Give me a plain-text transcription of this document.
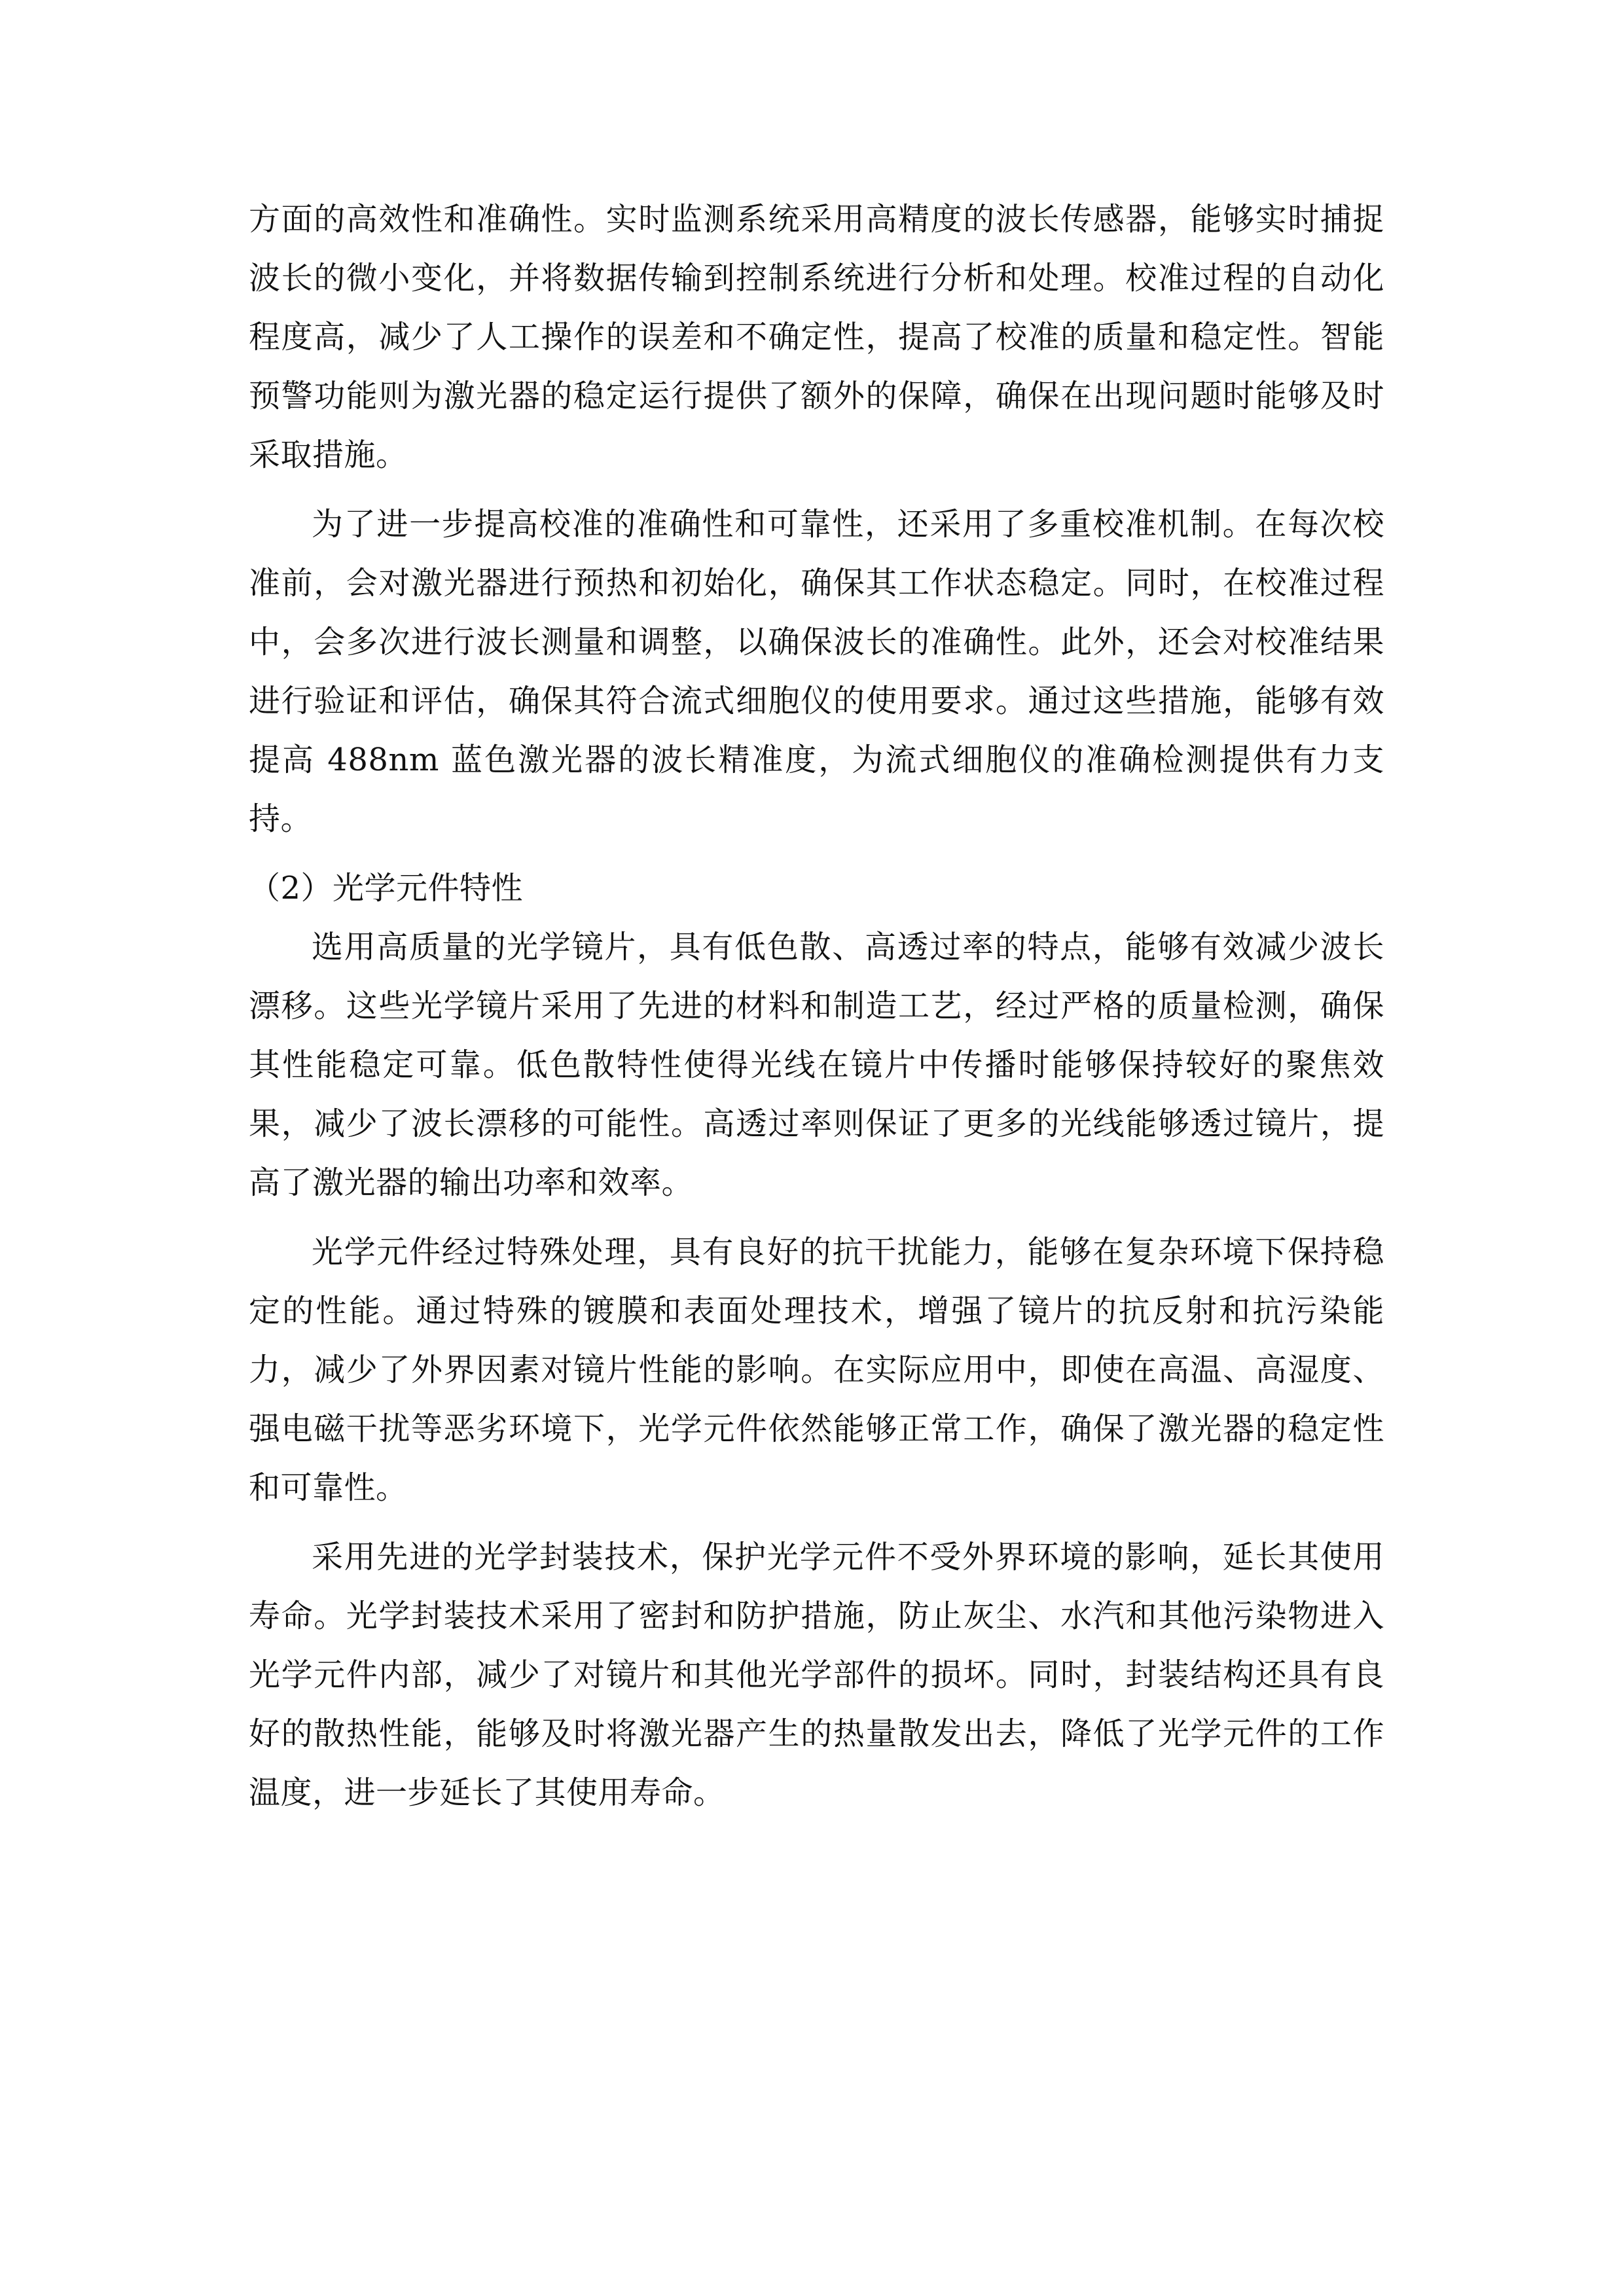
方面的高效性和准确性。实时监测系统采用高精度的波长传感器，能够实时捕捉波长的微小变化，并将数据传输到控制系统进行分析和处理。校准过程的自动化程度高，减少了人工操作的误差和不确定性，提高了校准的质量和稳定性。智能预警功能则为激光器的稳定运行提供了额外的保障，确保在出现问题时能够及时采取措施。

为了进一步提高校准的准确性和可靠性，还采用了多重校准机制。在每次校准前，会对激光器进行预热和初始化，确保其工作状态稳定。同时，在校准过程中，会多次进行波长测量和调整，以确保波长的准确性。此外，还会对校准结果进行验证和评估，确保其符合流式细胞仪的使用要求。通过这些措施，能够有效提高 488nm 蓝色激光器的波长精准度，为流式细胞仪的准确检测提供有力支持。

（2）光学元件特性

选用高质量的光学镜片，具有低色散、高透过率的特点，能够有效减少波长漂移。这些光学镜片采用了先进的材料和制造工艺，经过严格的质量检测，确保其性能稳定可靠。低色散特性使得光线在镜片中传播时能够保持较好的聚焦效果，减少了波长漂移的可能性。高透过率则保证了更多的光线能够透过镜片，提高了激光器的输出功率和效率。

光学元件经过特殊处理，具有良好的抗干扰能力，能够在复杂环境下保持稳定的性能。通过特殊的镀膜和表面处理技术，增强了镜片的抗反射和抗污染能力，减少了外界因素对镜片性能的影响。在实际应用中，即使在高温、高湿度、强电磁干扰等恶劣环境下，光学元件依然能够正常工作，确保了激光器的稳定性和可靠性。

采用先进的光学封装技术，保护光学元件不受外界环境的影响，延长其使用寿命。光学封装技术采用了密封和防护措施，防止灰尘、水汽和其他污染物进入光学元件内部，减少了对镜片和其他光学部件的损坏。同时，封装结构还具有良好的散热性能，能够及时将激光器产生的热量散发出去，降低了光学元件的工作温度，进一步延长了其使用寿命。
